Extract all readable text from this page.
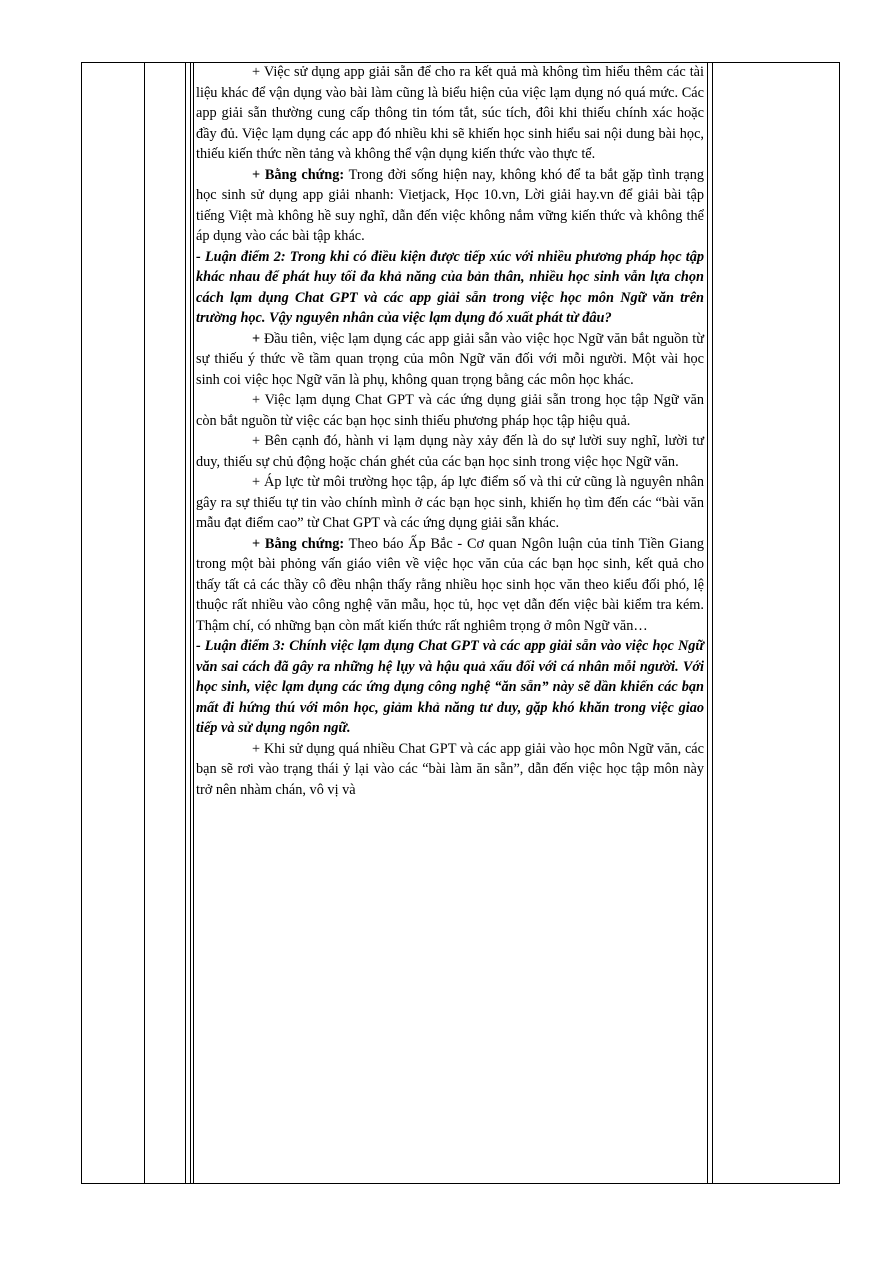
+ Việc sử dụng app giải sẵn để cho ra kết quả mà không tìm hiểu thêm các tài liệu khác để vận dụng vào bài làm cũng là biểu hiện của việc lạm dụng nó quá mức. Các app giải sẵn thường cung cấp thông tin tóm tắt, súc tích, đôi khi thiếu chính xác hoặc đầy đủ. Việc lạm dụng các app đó nhiều khi sẽ khiến học sinh hiểu sai nội dung bài học, thiếu kiến thức nền tảng và không thể vận dụng kiến thức vào thực tế.

+ Bằng chứng: Trong đời sống hiện nay, không khó để ta bắt gặp tình trạng học sinh sử dụng app giải nhanh: Vietjack, Học 10.vn, Lời giải hay.vn để giải bài tập tiếng Việt mà không hề suy nghĩ, dẫn đến việc không nắm vững kiến thức và không thể áp dụng vào các bài tập khác.

- Luận điểm 2: Trong khi có điều kiện được tiếp xúc với nhiều phương pháp học tập khác nhau để phát huy tối đa khả năng của bản thân, nhiều học sinh vẫn lựa chọn cách lạm dụng Chat GPT và các app giải sẵn trong việc học môn Ngữ văn trên trường học. Vậy nguyên nhân của việc lạm dụng đó xuất phát từ đâu?

+ Đầu tiên, việc lạm dụng các app giải sẵn vào việc học Ngữ văn bắt nguồn từ sự thiếu ý thức về tầm quan trọng của môn Ngữ văn đối với mỗi người. Một vài học sinh coi việc học Ngữ văn là phụ, không quan trọng bằng các môn học khác.

+ Việc lạm dụng Chat GPT và các ứng dụng giải sẵn trong học tập Ngữ văn còn bắt nguồn từ việc các bạn học sinh thiếu phương pháp học tập hiệu quả.

+ Bên cạnh đó, hành vi lạm dụng này xảy đến là do sự lười suy nghĩ, lười tư duy, thiếu sự chủ động hoặc chán ghét của các bạn học sinh trong việc học Ngữ văn.

+ Áp lực từ môi trường học tập, áp lực điểm số và thi cử cũng là nguyên nhân gây ra sự thiếu tự tin vào chính mình ở các bạn học sinh, khiến họ tìm đến các “bài văn mẫu đạt điểm cao” từ Chat GPT và các ứng dụng giải sẵn khác.

+ Bằng chứng: Theo báo Ấp Bắc - Cơ quan Ngôn luận của tỉnh Tiền Giang trong một bài phỏng vấn giáo viên về việc học văn của các bạn học sinh, kết quả cho thấy tất cả các thầy cô đều nhận thấy rằng nhiều học sinh học văn theo kiểu đối phó, lệ thuộc rất nhiều vào công nghệ văn mẫu, học tủ, học vẹt dẫn đến việc bài kiểm tra kém. Thậm chí, có những bạn còn mất kiến thức rất nghiêm trọng ở môn Ngữ văn…

- Luận điểm 3: Chính việc lạm dụng Chat GPT và các app giải sẵn vào việc học Ngữ văn sai cách đã gây ra những hệ lụy và hậu quả xấu đối với cá nhân mỗi người. Với học sinh, việc lạm dụng các ứng dụng công nghệ “ăn sẵn” này sẽ dần khiến các bạn mất đi hứng thú với môn học, giảm khả năng tư duy, gặp khó khăn trong việc giao tiếp và sử dụng ngôn ngữ.

+ Khi sử dụng quá nhiều Chat GPT và các app giải vào học môn Ngữ văn, các bạn sẽ rơi vào trạng thái ỷ lại vào các “bài làm ăn sẵn”, dẫn đến việc học tập môn này trở nên nhàm chán, vô vị và
